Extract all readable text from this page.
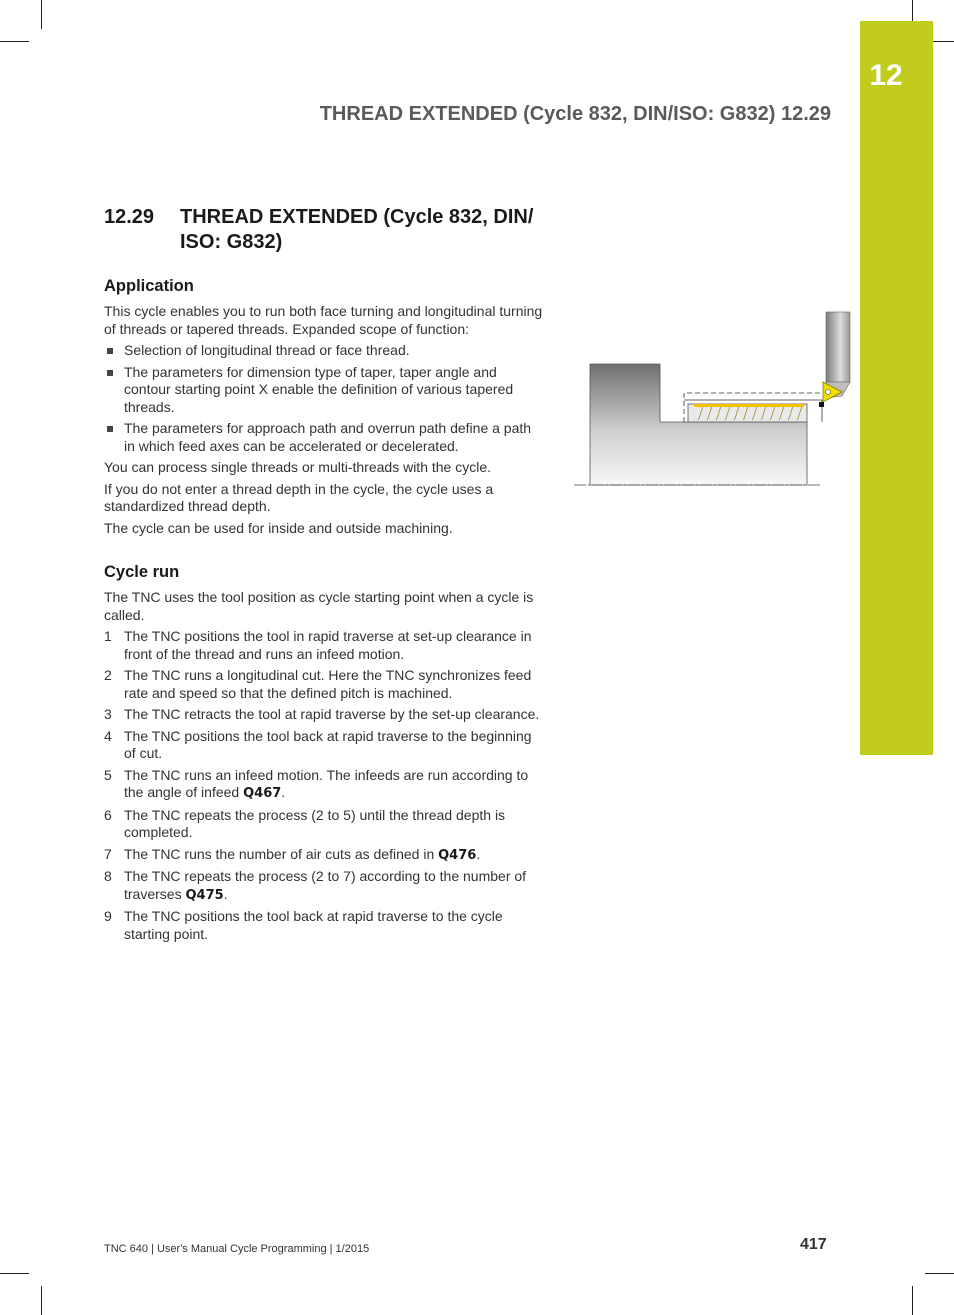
12
THREAD EXTENDED (Cycle 832, DIN/ISO: G832) 12.29
12.29 THREAD EXTENDED (Cycle 832, DIN/ ISO: G832)
Application

This cycle enables you to run both face turning and longitudinal turning of threads or tapered threads. Expanded scope of function:

Selection of longitudinal thread or face thread.
The parameters for dimension type of taper, taper angle and contour starting point X enable the definition of various tapered threads.
The parameters for approach path and overrun path define a path in which feed axes can be accelerated or decelerated.

You can process single threads or multi-threads with the cycle.

If you do not enter a thread depth in the cycle, the cycle uses a standardized thread depth.

The cycle can be used for inside and outside machining.

Cycle run

The TNC uses the tool position as cycle starting point when a cycle is called.

1 The TNC positions the tool in rapid traverse at set-up clearance in front of the thread and runs an infeed motion.
2 The TNC runs a longitudinal cut. Here the TNC synchronizes feed rate and speed so that the defined pitch is machined.
3 The TNC retracts the tool at rapid traverse by the set-up clearance.
4 The TNC positions the tool back at rapid traverse to the beginning of cut.
5 The TNC runs an infeed motion. The infeeds are run according to the angle of infeed Q467.
6 The TNC repeats the process (2 to 5) until the thread depth is completed.
7 The TNC runs the number of air cuts as defined in Q476.
8 The TNC repeats the process (2 to 7) according to the number of traverses Q475.
9 The TNC positions the tool back at rapid traverse to the cycle starting point.
TNC 640 | User's Manual Cycle Programming | 1/2015	417
